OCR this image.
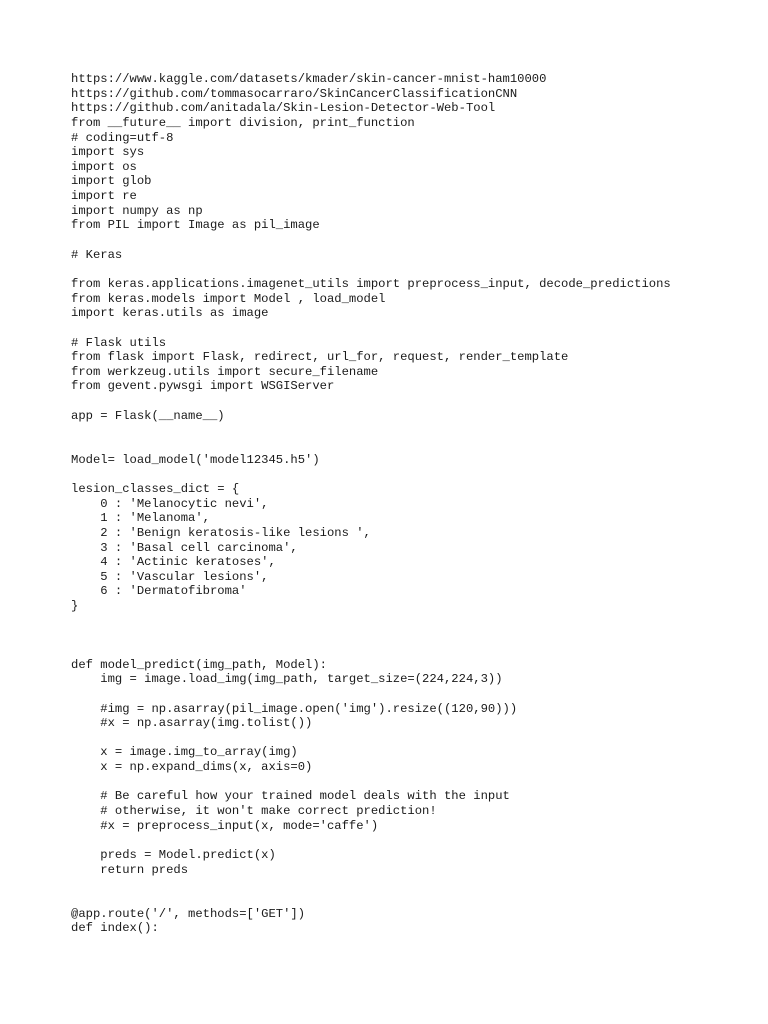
https://www.kaggle.com/datasets/kmader/skin-cancer-mnist-ham10000
https://github.com/tommasocarraro/SkinCancerClassificationCNN
https://github.com/anitadala/Skin-Lesion-Detector-Web-Tool
from __future__ import division, print_function
# coding=utf-8
import sys
import os
import glob
import re
import numpy as np
from PIL import Image as pil_image
# Keras
from keras.applications.imagenet_utils import preprocess_input, decode_predictions
from keras.models import Model , load_model
import keras.utils as image
# Flask utils
from flask import Flask, redirect, url_for, request, render_template
from werkzeug.utils import secure_filename
from gevent.pywsgi import WSGIServer
app = Flask(__name__)
Model= load_model('model12345.h5')
lesion_classes_dict = {
0 : 'Melanocytic nevi',
1 : 'Melanoma',
2 : 'Benign keratosis-like lesions ',
3 : 'Basal cell carcinoma',
4 : 'Actinic keratoses',
5 : 'Vascular lesions',
6 : 'Dermatofibroma'
}
def model_predict(img_path, Model):
img = image.load_img(img_path, target_size=(224,224,3))
#img = np.asarray(pil_image.open('img').resize((120,90)))
#x = np.asarray(img.tolist())
x = image.img_to_array(img)
x = np.expand_dims(x, axis=0)
# Be careful how your trained model deals with the input
# otherwise, it won't make correct prediction!
#x = preprocess_input(x, mode='caffe')
preds = Model.predict(x)
return preds
@app.route('/', methods=['GET'])
def index():
